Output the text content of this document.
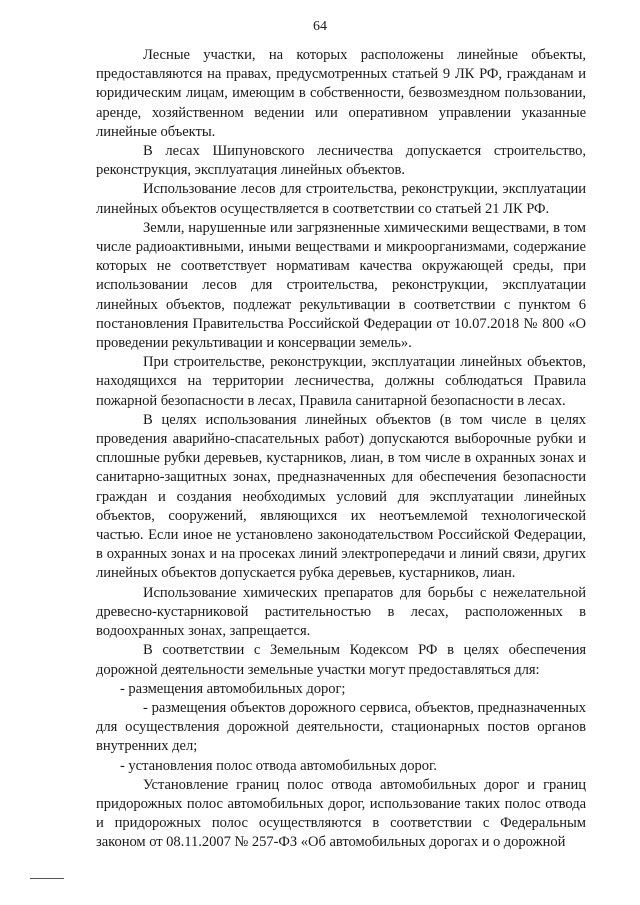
64

Лесные участки, на которых расположены линейные объекты, предоставляются на правах, предусмотренных статьей 9 ЛК РФ, гражданам и юридическим лицам, имеющим в собственности, безвозмездном пользовании, аренде, хозяйственном ведении или оперативном управлении указанные линейные объекты.

В лесах Шипуновского лесничества допускается строительство, реконструкция, эксплуатация линейных объектов.

Использование лесов для строительства, реконструкции, эксплуатации линейных объектов осуществляется в соответствии со статьей 21 ЛК РФ.

Земли, нарушенные или загрязненные химическими веществами, в том числе радиоактивными, иными веществами и микроорганизмами, содержание которых не соответствует нормативам качества окружающей среды, при использовании лесов для строительства, реконструкции, эксплуатации линейных объектов, подлежат рекультивации в соответствии с пунктом 6 постановления Правительства Российской Федерации от 10.07.2018 № 800 «О проведении рекультивации и консервации земель».

При строительстве, реконструкции, эксплуатации линейных объектов, находящихся на территории лесничества, должны соблюдаться Правила пожарной безопасности в лесах, Правила санитарной безопасности в лесах.

В целях использования линейных объектов (в том числе в целях проведения аварийно-спасательных работ) допускаются выборочные рубки и сплошные рубки деревьев, кустарников, лиан, в том числе в охранных зонах и санитарно-защитных зонах, предназначенных для обеспечения безопасности граждан и создания необходимых условий для эксплуатации линейных объектов, сооружений, являющихся их неотъемлемой технологической частью. Если иное не установлено законодательством Российской Федерации, в охранных зонах и на просеках линий электропередачи и линий связи, других линейных объектов допускается рубка деревьев, кустарников, лиан.

Использование химических препаратов для борьбы с нежелательной древесно-кустарниковой растительностью в лесах, расположенных в водоохранных зонах, запрещается.

В соответствии с Земельным Кодексом РФ в целях обеспечения дорожной деятельности земельные участки могут предоставляться для:

- размещения автомобильных дорог;

- размещения объектов дорожного сервиса, объектов, предназначенных для осуществления дорожной деятельности, стационарных постов органов внутренних дел;

- установления полос отвода автомобильных дорог.

Установление границ полос отвода автомобильных дорог и границ придорожных полос автомобильных дорог, использование таких полос отвода и придорожных полос осуществляются в соответствии с Федеральным законом от 08.11.2007 № 257-ФЗ «Об автомобильных дорогах и о дорожной
